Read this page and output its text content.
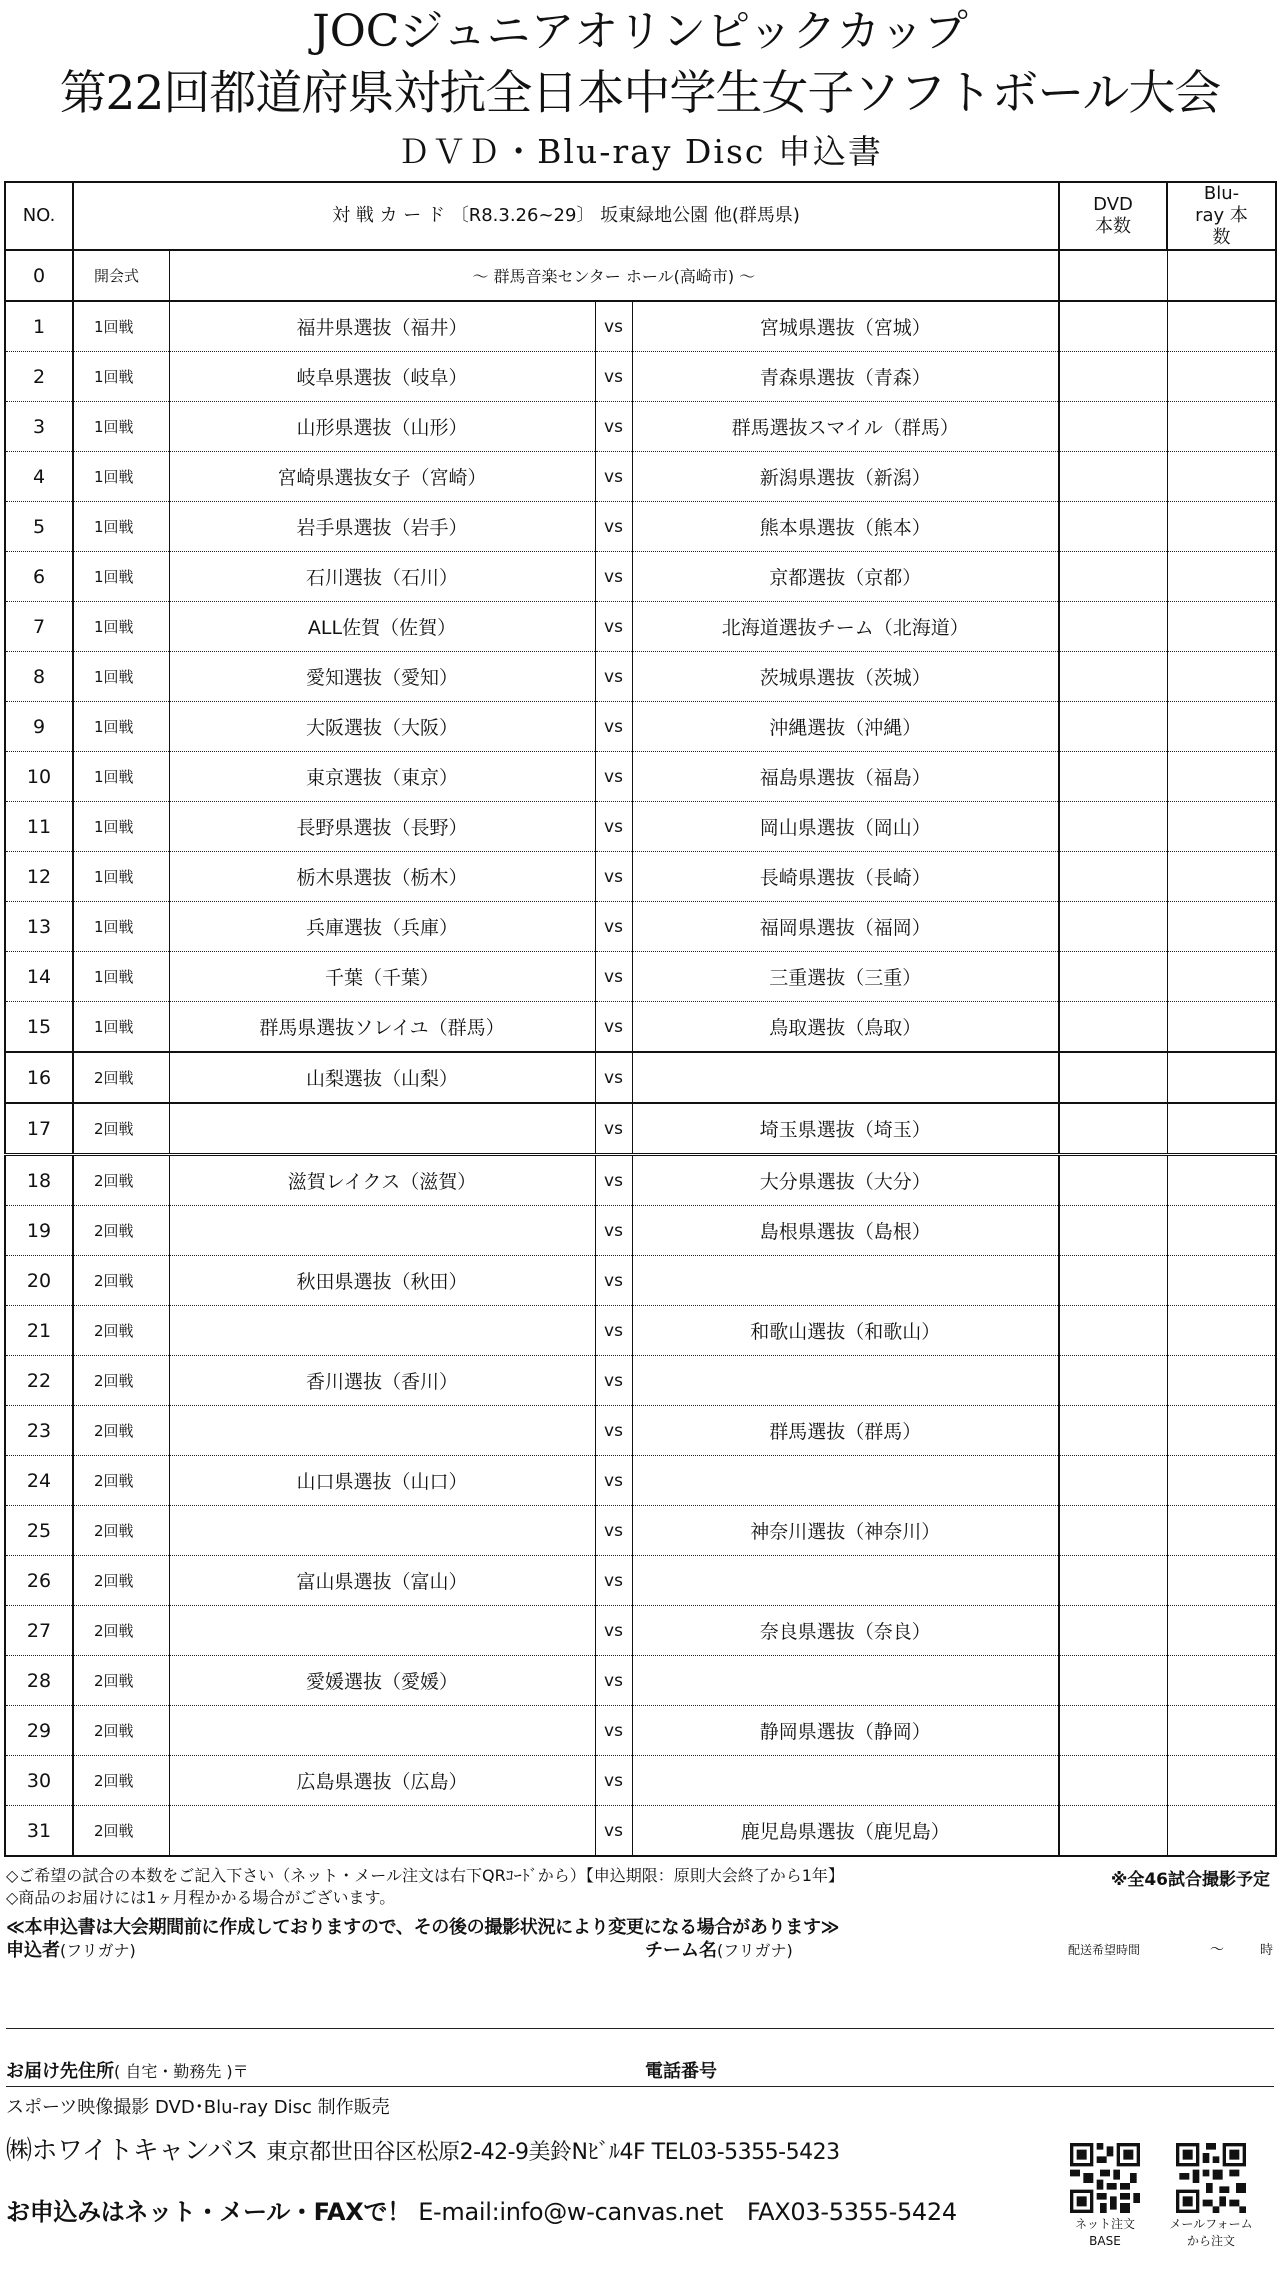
JOCジュニアオリンピックカップ
第22回都道府県対抗全日本中学生女子ソフトボール大会
ＤＶＤ・Blu-ray Disc 申込書
NO.	対 戦 カ ー ド 〔R8.3.26~29〕 坂東緑地公園 他(群馬県)				DVD 本数	Blu-ray 本数
0	開会式	～ 群馬音楽センター ホール(高崎市) ～				
1	1回戦	福井県選抜（福井）	vs	宮城県選抜（宮城）		
2	1回戦	岐阜県選抜（岐阜）	vs	青森県選抜（青森）		
3	1回戦	山形県選抜（山形）	vs	群馬選抜スマイル（群馬）		
4	1回戦	宮崎県選抜女子（宮崎）	vs	新潟県選抜（新潟）		
5	1回戦	岩手県選抜（岩手）	vs	熊本県選抜（熊本）		
6	1回戦	石川選抜（石川）	vs	京都選抜（京都）		
7	1回戦	ALL佐賀（佐賀）	vs	北海道選抜チーム（北海道）		
8	1回戦	愛知選抜（愛知）	vs	茨城県選抜（茨城）		
9	1回戦	大阪選抜（大阪）	vs	沖縄選抜（沖縄）		
10	1回戦	東京選抜（東京）	vs	福島県選抜（福島）		
11	1回戦	長野県選抜（長野）	vs	岡山県選抜（岡山）		
12	1回戦	栃木県選抜（栃木）	vs	長崎県選抜（長崎）		
13	1回戦	兵庫選抜（兵庫）	vs	福岡県選抜（福岡）		
14	1回戦	千葉（千葉）	vs	三重選抜（三重）		
15	1回戦	群馬県選抜ソレイユ（群馬）	vs	鳥取選抜（鳥取）		
16	2回戦	山梨選抜（山梨）	vs			
17	2回戦		vs	埼玉県選抜（埼玉）		
18	2回戦	滋賀レイクス（滋賀）	vs	大分県選抜（大分）		
19	2回戦		vs	島根県選抜（島根）		
20	2回戦	秋田県選抜（秋田）	vs			
21	2回戦		vs	和歌山選抜（和歌山）		
22	2回戦	香川選抜（香川）	vs			
23	2回戦		vs	群馬選抜（群馬）		
24	2回戦	山口県選抜（山口）	vs			
25	2回戦		vs	神奈川選抜（神奈川）		
26	2回戦	富山県選抜（富山）	vs			
27	2回戦		vs	奈良県選抜（奈良）		
28	2回戦	愛媛選抜（愛媛）	vs			
29	2回戦		vs	静岡県選抜（静岡）		
30	2回戦	広島県選抜（広島）	vs			
31	2回戦		vs	鹿児島県選抜（鹿児島）		
◇ご希望の試合の本数をご記入下さい（ネット・メール注文は右下QRｺｰﾄﾞから）【申込期限：原則大会終了から1年】
◇商品のお届けには1ヶ月程かかる場合がございます。
※全46試合撮影予定
≪本申込書は大会期間前に作成しておりますので、その後の撮影状況により変更になる場合があります≫
申込者(フリガナ)	チーム名(フリガナ)	配送希望時間	～	時
お届け先住所( 自宅・勤務先 )〒	電話番号
スポーツ映像撮影 DVD･Blu-ray Disc 制作販売
㈱ホワイトキャンバス 東京都世田谷区松原2-42-9美鈴Nﾋﾞﾙ4F TEL03-5355-5423
お申込みはネット・メール・FAXで！ E-mail:info@w-canvas.net　FAX03-5355-5424	ネット注文
BASE
メールフォーム
から注文
